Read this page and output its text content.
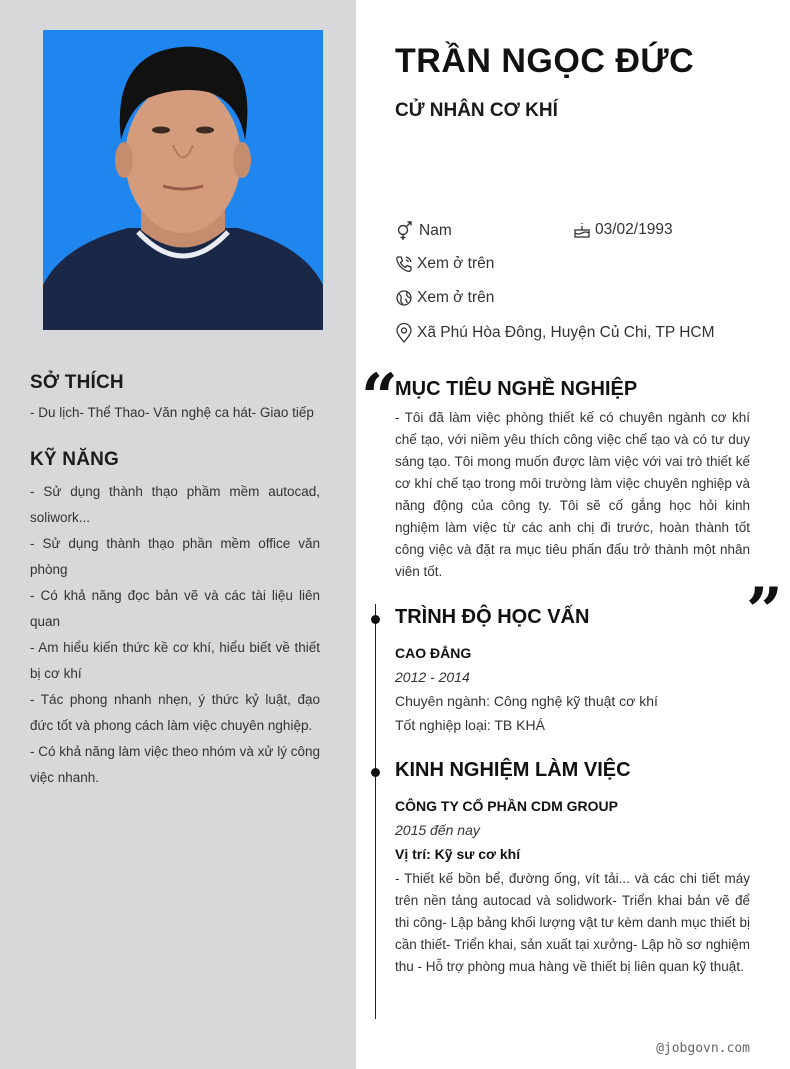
SỞ THÍCH

- Du lịch- Thể Thao- Văn nghệ ca hát- Giao tiếp

KỸ NĂNG

- Sử dụng thành thạo phầm mềm autocad, soliwork...

- Sử dụng thành thạo phần mềm office văn phòng

- Có khả năng đọc bản vẽ và các tài liệu liên quan

- Am hiểu kiến thức kề cơ khí, hiểu biết về thiết bị cơ khí

- Tác phong nhanh nhẹn, ý thức kỷ luật, đạo đức tốt và phong cách làm việc chuyên nghiệp.

- Có khả năng làm việc theo nhóm và xử lý công việc nhanh.

TRẦN NGỌC ĐỨC
CỬ NHÂN CƠ KHÍ
Nam	03/02/1993
Xem ở trên
Xem ở trên
Xã Phú Hòa Đông, Huyện Củ Chi, TP HCM
“
”
MỤC TIÊU NGHỀ NGHIỆP

- Tôi đã làm việc phòng thiết kế có chuyên ngành cơ khí chế tạo, với niềm yêu thích công việc chế tạo và có tư duy sáng tạo. Tôi mong muốn được làm việc với vai trò thiết kế cơ khí chế tạo trong môi trường làm việc chuyên nghiệp và năng động của công ty. Tôi sẽ cố gắng học hỏi kinh nghiệm làm việc từ các anh chị đi trước, hoàn thành tốt công việc và đặt ra mục tiêu phấn đấu trở thành một nhân viên tốt.

TRÌNH ĐỘ HỌC VẤN
CAO ĐẲNG
2012 - 2014
Chuyên ngành: Công nghệ kỹ thuật cơ khí
Tốt nghiệp loại: TB KHÁ
KINH NGHIỆM LÀM VIỆC
CÔNG TY CỔ PHẦN CDM GROUP
2015 đến nay
Vị trí: Kỹ sư cơ khí

- Thiết kế bồn bể, đường ống, vít tải... và các chi tiết máy trên nền tảng autocad và solidwork- Triển khai bản vẽ để thi công- Lập bảng khối lượng vật tư kèm danh mục thiết bị cần thiết- Triển khai, sản xuất tại xưởng- Lập hồ sơ nghiệm thu - Hỗ trợ phòng mua hàng về thiết bị liên quan kỹ thuật.

@jobgovn.com
